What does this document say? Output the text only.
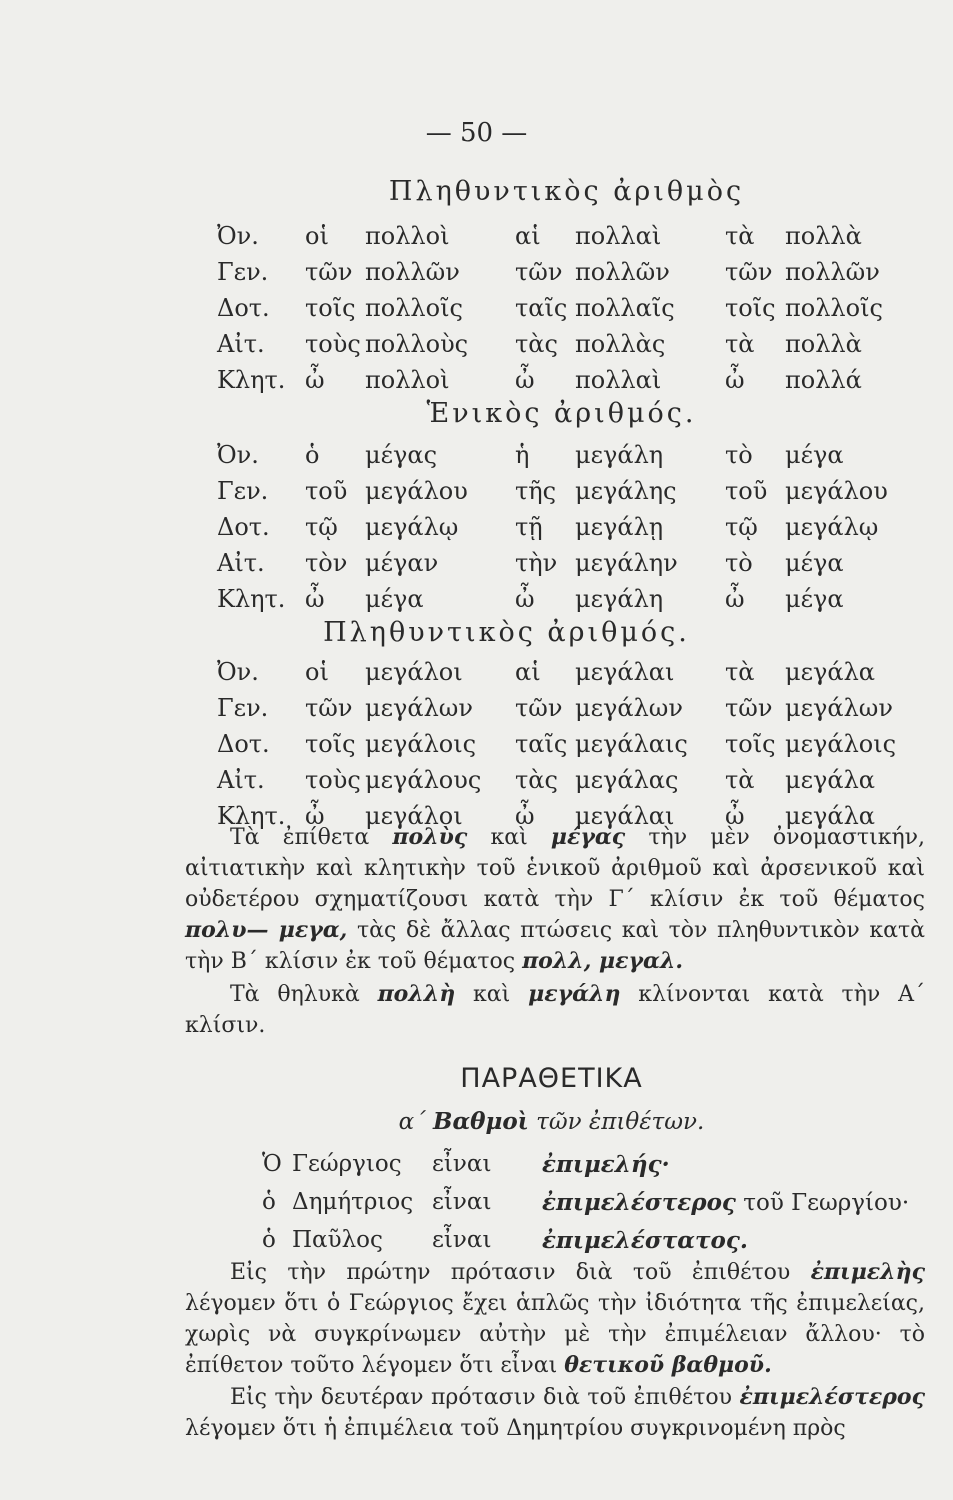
— 50 —
Πληθυντικὸς ἀριθμὸς
Ὀν.	οἱ	πολλοὶ	αἱ	πολλαὶ	τὰ	πολλὰ
Γεν.	τῶν	πολλῶν	τῶν	πολλῶν	τῶν	πολλῶν
Δοτ.	τοῖς	πολλοῖς	ταῖς	πολλαῖς	τοῖς	πολλοῖς
Αἰτ.	τοὺς	πολλοὺς	τὰς	πολλὰς	τὰ	πολλὰ
Κλητ.	ὦ	πολλοὶ	ὦ	πολλαὶ	ὦ	πολλά
Ἑνικὸς ἀριθμός.
Ὀν.	ὁ	μέγας	ἡ	μεγάλη	τὸ	μέγα
Γεν.	τοῦ	μεγάλου	τῆς	μεγάλης	τοῦ	μεγάλου
Δοτ.	τῷ	μεγάλῳ	τῇ	μεγάλῃ	τῷ	μεγάλῳ
Αἰτ.	τὸν	μέγαν	τὴν	μεγάλην	τὸ	μέγα
Κλητ.	ὦ	μέγα	ὦ	μεγάλη	ὦ	μέγα
Πληθυντικὸς ἀριθμός.
Ὀν.	οἱ	μεγάλοι	αἱ	μεγάλαι	τὰ	μεγάλα
Γεν.	τῶν	μεγάλων	τῶν	μεγάλων	τῶν	μεγάλων
Δοτ.	τοῖς	μεγάλοις	ταῖς	μεγάλαις	τοῖς	μεγάλοις
Αἰτ.	τοὺς	μεγάλους	τὰς	μεγάλας	τὰ	μεγάλα
Κλητ.	ὦ	μεγάλοι	ὦ	μεγάλαι	ὦ	μεγάλα
Τὰ ἐπίθετα πολὺς καὶ μέγας τὴν μὲν ὀνομαστικήν, αἰτιατικὴν καὶ κλητικὴν τοῦ ἑνικοῦ ἀριθμοῦ καὶ ἀρσενικοῦ καὶ οὐδετέρου σχηματίζουσι κατὰ τὴν Γ΄ κλίσιν ἐκ τοῦ θέματος πολυ— μεγα, τὰς δὲ ἄλλας πτώσεις καὶ τὸν πληθυντικὸν κατὰ τὴν Β΄ κλίσιν ἐκ τοῦ θέματος πολλ, μεγαλ.
Τὰ θηλυκὰ πολλὴ καὶ μεγάλη κλίνονται κατὰ τὴν Α΄ κλίσιν.
ΠΑΡΑΘΕΤΙΚΑ
α΄ Βαθμοὶ τῶν ἐπιθέτων.
Ὁ	Γεώργιος	εἶναι	ἐπιμελής·
ὁ	Δημήτριος	εἶναι	ἐπιμελέστερος τοῦ Γεωργίου·
ὁ	Παῦλος	εἶναι	ἐπιμελέστατος.
Εἰς τὴν πρώτην πρότασιν διὰ τοῦ ἐπιθέτου ἐπιμελὴς λέγομεν ὅτι ὁ Γεώργιος ἔχει ἁπλῶς τὴν ἰδιότητα τῆς ἐπιμελείας, χωρὶς νὰ συγκρίνωμεν αὐτὴν μὲ τὴν ἐπιμέλειαν ἄλλου· τὸ ἐπίθετον τοῦτο λέγομεν ὅτι εἶναι θετικοῦ βαθμοῦ.
Εἰς τὴν δευτέραν πρότασιν διὰ τοῦ ἐπιθέτου ἐπιμελέστερος λέγομεν ὅτι ἡ ἐπιμέλεια τοῦ Δημητρίου συγκρινομένη πρὸς
